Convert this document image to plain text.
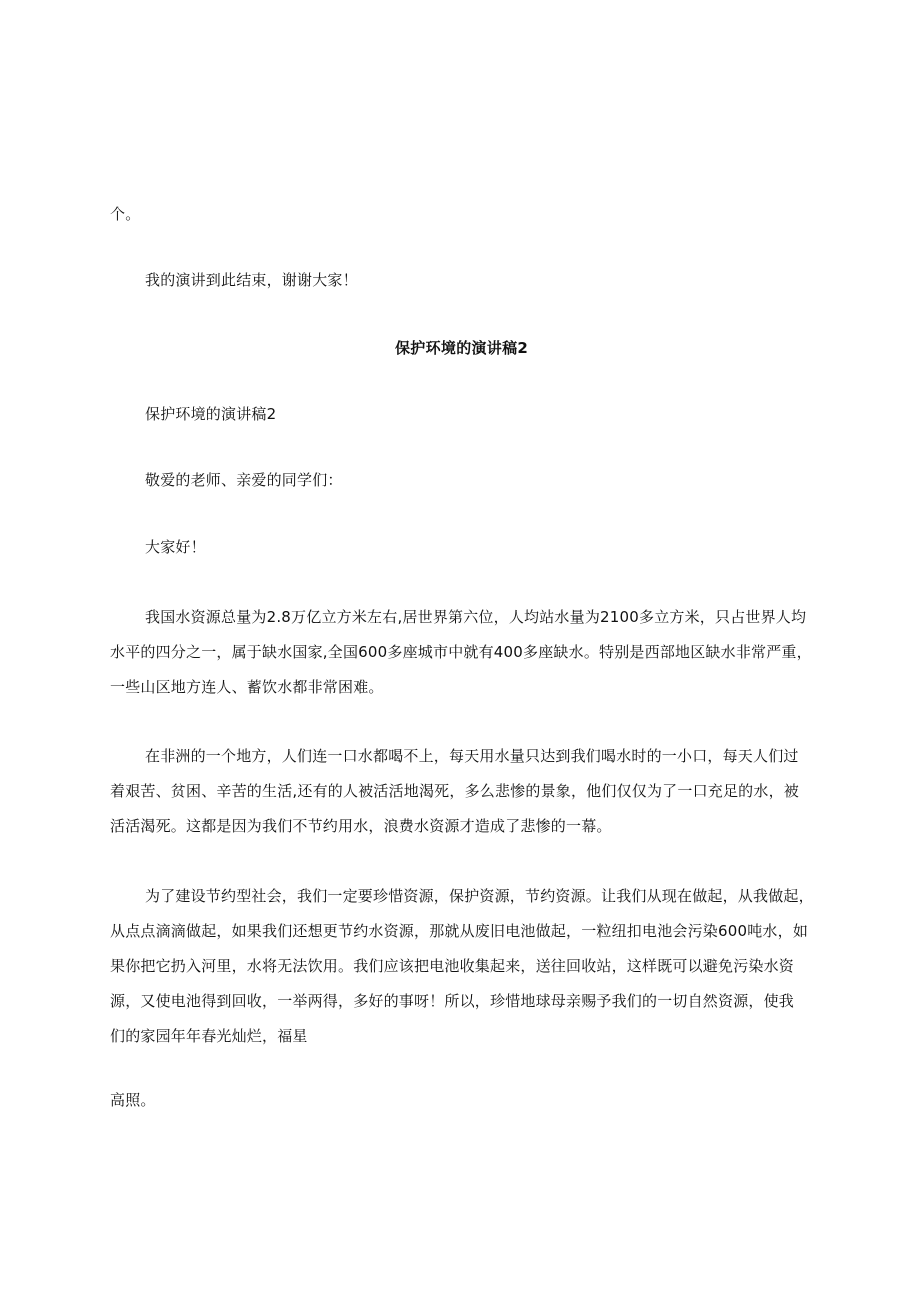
个。
我的演讲到此结束，谢谢大家！
保护环境的演讲稿2
保护环境的演讲稿2
敬爱的老师、亲爱的同学们：
大家好！
我国水资源总量为2.8万亿立方米左右,居世界第六位，人均站水量为2100多立方米，只占世界人均
水平的四分之一，属于缺水国家,全国600多座城市中就有400多座缺水。特别是西部地区缺水非常严重，
一些山区地方连人、蓄饮水都非常困难。
在非洲的一个地方，人们连一口水都喝不上，每天用水量只达到我们喝水时的一小口，每天人们过
着艰苦、贫困、辛苦的生活,还有的人被活活地渴死，多么悲惨的景象，他们仅仅为了一口充足的水，被
活活渴死。这都是因为我们不节约用水，浪费水资源才造成了悲惨的一幕。
为了建设节约型社会，我们一定要珍惜资源，保护资源，节约资源。让我们从现在做起，从我做起，
从点点滴滴做起，如果我们还想更节约水资源，那就从废旧电池做起，一粒纽扣电池会污染600吨水，如
果你把它扔入河里，水将无法饮用。我们应该把电池收集起来，送往回收站，这样既可以避免污染水资
源，又使电池得到回收，一举两得，多好的事呀！所以，珍惜地球母亲赐予我们的一切自然资源，使我
们的家园年年春光灿烂，福星
高照。
